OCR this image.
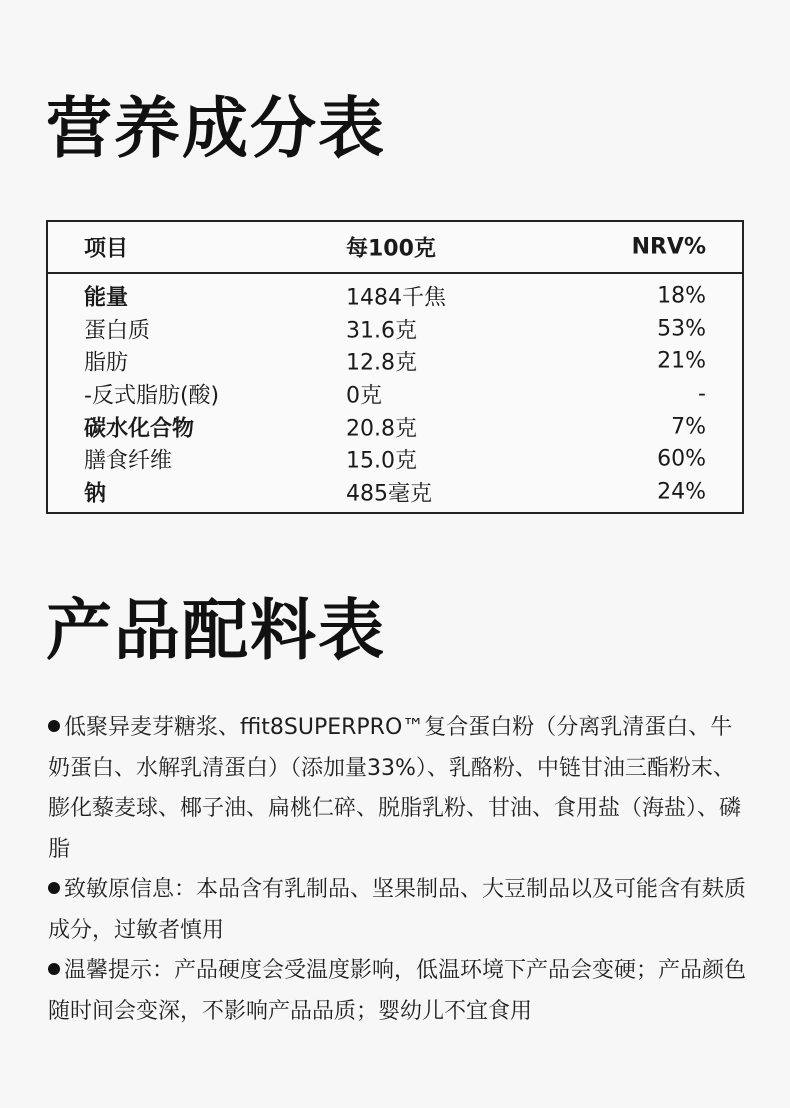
营养成分表
项目	每100克	NRV%
能量	1484千焦	18%
蛋白质	31.6克	53%
脂肪	12.8克	21%
-反式脂肪(酸)	0克	-
碳水化合物	20.8克	7%
膳食纤维	15.0克	60%
钠	485毫克	24%
产品配料表

低聚异麦芽糖浆、ffit8SUPERPRO™复合蛋白粉（分离乳清蛋白、牛奶蛋白、水解乳清蛋白）（添加量33%）、乳酪粉、中链甘油三酯粉末、膨化藜麦球、椰子油、扁桃仁碎、脱脂乳粉、甘油、食用盐（海盐）、磷脂

致敏原信息：本品含有乳制品、坚果制品、大豆制品以及可能含有麸质成分，过敏者慎用

温馨提示：产品硬度会受温度影响，低温环境下产品会变硬；产品颜色随时间会变深，不影响产品品质；婴幼儿不宜食用
